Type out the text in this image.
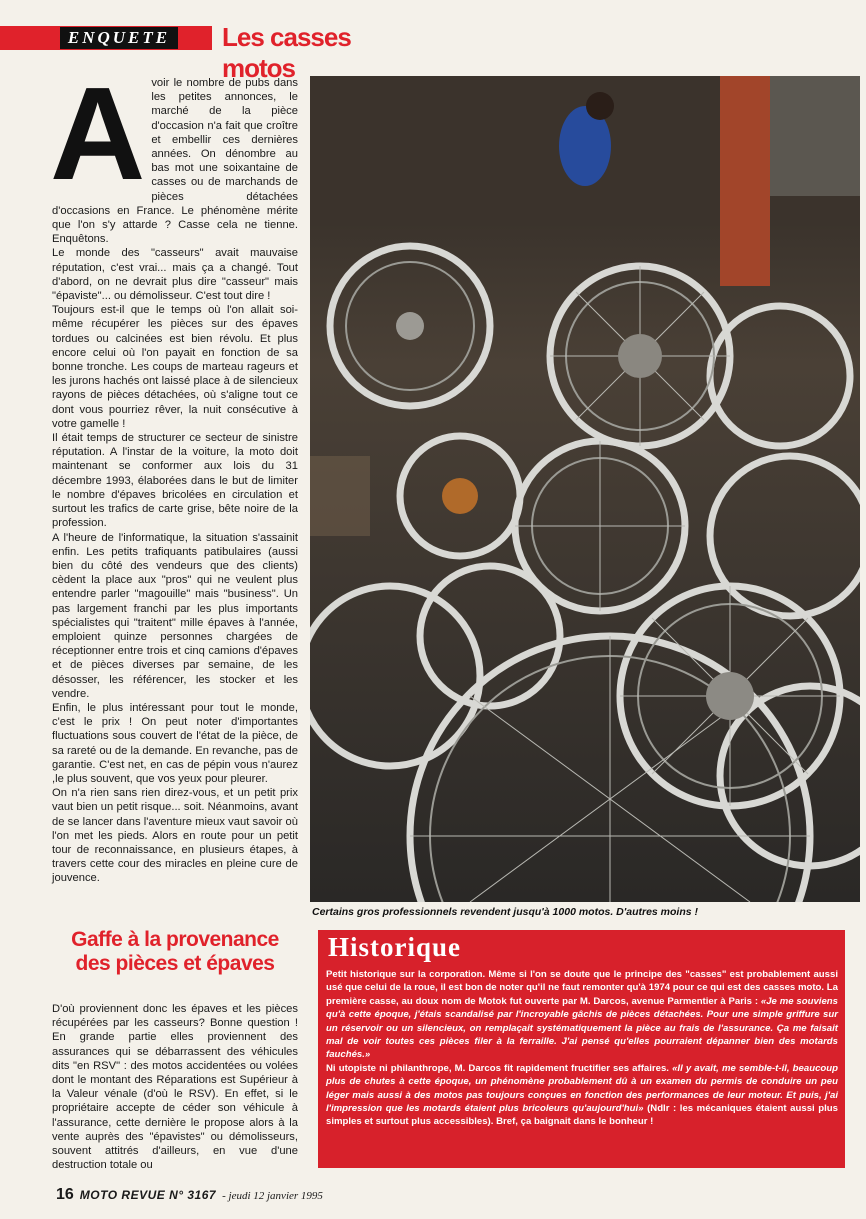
ENQUETE	Les casses motos
A voir le nombre de pubs dans les petites annonces, le marché de la pièce d'occasion n'a fait que croître et embellir ces dernières années. On dénombre au bas mot une soixantaine de casses ou de marchands de pièces détachées d'occasions en France. Le phénomène mérite que l'on s'y attarde ? Casse cela ne tienne. Enquêtons.

Le monde des "casseurs" avait mauvaise réputation, c'est vrai... mais ça a changé. Tout d'abord, on ne devrait plus dire "casseur" mais "épaviste"... ou démolisseur. C'est tout dire !

Toujours est-il que le temps où l'on allait soi-même récupérer les pièces sur des épaves tordues ou calcinées est bien révolu. Et plus encore celui où l'on payait en fonction de sa bonne tronche. Les coups de marteau rageurs et les jurons hachés ont laissé place à de silencieux rayons de pièces détachées, où s'aligne tout ce dont vous pourriez rêver, la nuit consécutive à votre gamelle !

Il était temps de structurer ce secteur de sinistre réputation. A l'instar de la voiture, la moto doit maintenant se conformer aux lois du 31 décembre 1993, élaborées dans le but de limiter le nombre d'épaves bricolées en circulation et surtout les trafics de carte grise, bête noire de la profession.

A l'heure de l'informatique, la situation s'assainit enfin. Les petits trafiquants patibulaires (aussi bien du côté des vendeurs que des clients) cèdent la place aux "pros" qui ne veulent plus entendre parler "magouille" mais "business". Un pas largement franchi par les plus importants spécialistes qui "traitent" mille épaves à l'année, emploient quinze personnes chargées de réceptionner entre trois et cinq camions d'épaves et de pièces diverses par semaine, de les désosser, les référencer, les stocker et les vendre.

Enfin, le plus intéressant pour tout le monde, c'est le prix ! On peut noter d'importantes fluctuations sous couvert de l'état de la pièce, de sa rareté ou de la demande. En revanche, pas de garantie. C'est net, en cas de pépin vous n'aurez ,le plus souvent, que vos yeux pour pleurer.

On n'a rien sans rien direz-vous, et un petit prix vaut bien un petit risque... soit. Néanmoins, avant de se lancer dans l'aventure mieux vaut savoir où l'on met les pieds. Alors en route pour un petit tour de reconnaissance, en plusieurs étapes, à travers cette cour des miracles en pleine cure de jouvence.

Certains gros professionnels revendent jusqu'à 1000 motos. D'autres moins !
Gaffe à la provenance
des pièces et épaves

D'où proviennent donc les épaves et les pièces récupérées par les casseurs? Bonne question ! En grande partie elles proviennent des assurances qui se débarrassent des véhicules dits "en RSV" : des motos accidentées ou volées dont le montant des Réparations est Supérieur à la Valeur vénale (d'où le RSV). En effet, si le propriétaire accepte de céder son véhicule à l'assurance, cette dernière le propose alors à la vente auprès des "épavistes" ou démolisseurs, souvent attitrés d'ailleurs, en vue d'une destruction totale ou

Historique

Petit historique sur la corporation. Même si l'on se doute que le principe des "casses" est probablement aussi usé que celui de la roue, il est bon de noter qu'il ne faut remonter qu'à 1974 pour ce qui est des casses moto. La première casse, au doux nom de Motok fut ouverte par M. Darcos, avenue Parmentier à Paris : «Je me souviens qu'à cette époque, j'étais scandalisé par l'incroyable gâchis de pièces détachées. Pour une simple griffure sur un réservoir ou un silencieux, on remplaçait systématiquement la pièce au frais de l'assurance. Ça me faisait mal de voir toutes ces pièces filer à la ferraille. J'ai pensé qu'elles pourraient dépanner bien des motards fauchés.»

Ni utopiste ni philanthrope, M. Darcos fit rapidement fructifier ses affaires. «Il y avait, me semble-t-il, beaucoup plus de chutes à cette époque, un phénomène probablement dû à un examen du permis de conduire un peu léger mais aussi à des motos pas toujours conçues en fonction des performances de leur moteur. Et puis, j'ai l'impression que les motards étaient plus bricoleurs qu'aujourd'hui» (Ndlr : les mécaniques étaient aussi plus simples et surtout plus accessibles). Bref, ça baignait dans le bonheur !

16 MOTO REVUE N° 3167 - jeudi 12 janvier 1995
